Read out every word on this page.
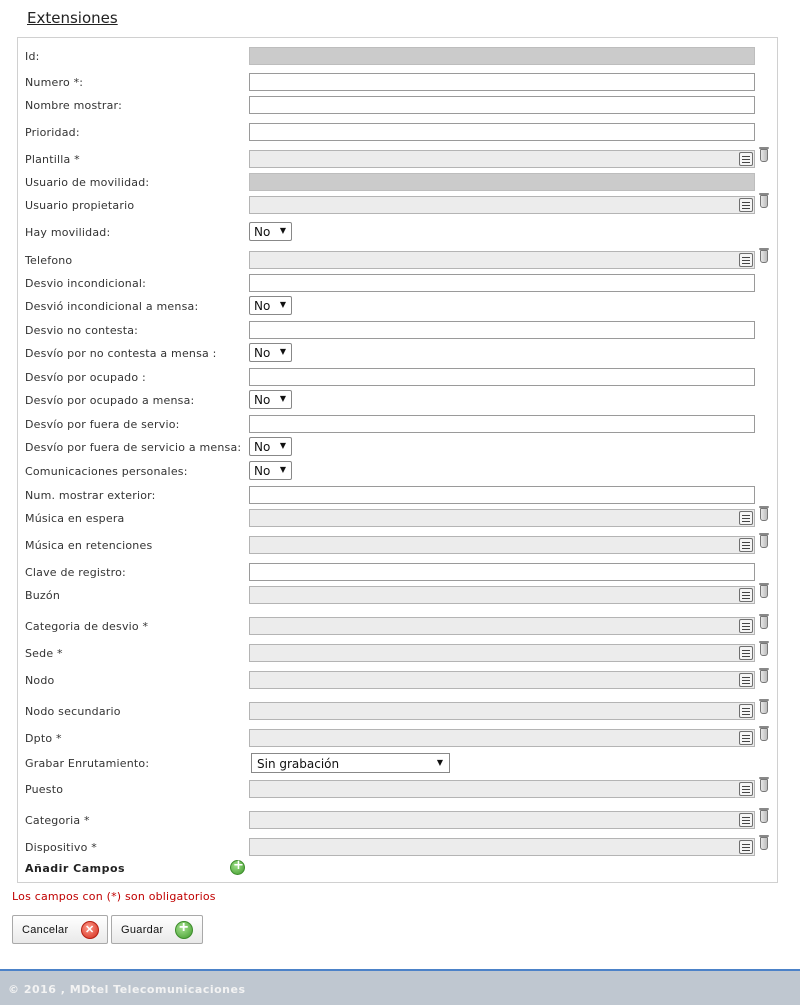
Extensiones
Añadir Campos
+
Id:
Numero *:
Nombre mostrar:
Prioridad:
Plantilla *
Usuario de movilidad:
Usuario propietario
Hay movilidad:	No ▼
Telefono
Desvio incondicional:
Desvió incondicional a mensa:	No ▼
Desvio no contesta:
Desvío por no contesta a mensa :	No ▼
Desvío por ocupado :
Desvío por ocupado a mensa:	No ▼
Desvío por fuera de servio:
Desvío por fuera de servicio a mensa: No ▼
Comunicaciones personales:	No ▼
Num. mostrar exterior:
Música en espera
Música en retenciones
Clave de registro:
Buzón
Categoria de desvio *
Sede *
Nodo
Nodo secundario
Dpto *
Grabar Enrutamiento:	Sin grabación	▼
Puesto
Categoria *
Dispositivo *
Los campos con (*) son obligatorios
Cancelar
✕	Guardar
+
© 2016 , MDtel Telecomunicaciones
